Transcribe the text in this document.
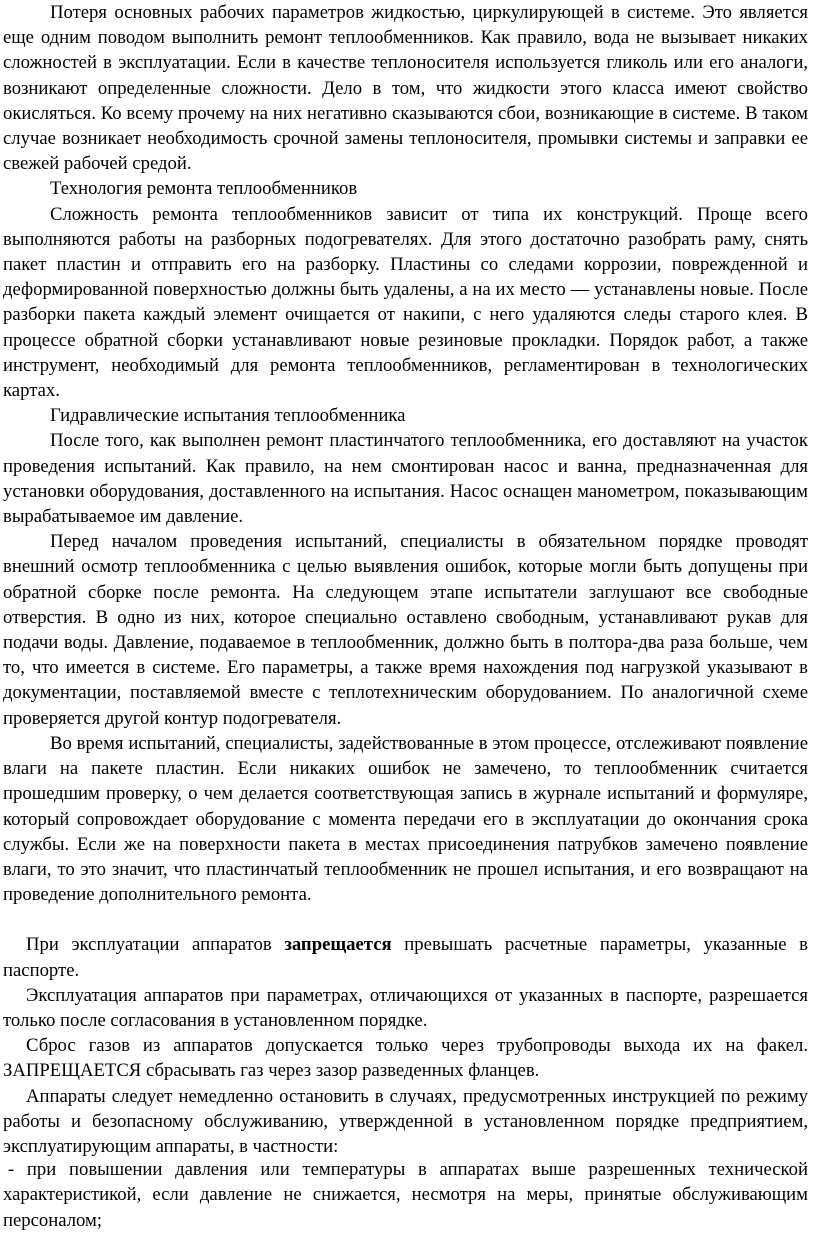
Потеря основных рабочих параметров жидкостью, циркулирующей в системе. Это является еще одним поводом выполнить ремонт теплообменников. Как правило, вода не вызывает никаких сложностей в эксплуатации. Если в качестве теплоносителя используется гликоль или его аналоги, возникают определенные сложности. Дело в том, что жидкости этого класса имеют свойство окисляться. Ко всему прочему на них негативно сказываются сбои, возникающие в системе. В таком случае возникает необходимость срочной замены теплоносителя, промывки системы и заправки ее свежей рабочей средой.

Технология ремонта теплообменников

Сложность ремонта теплообменников зависит от типа их конструкций. Проще всего выполняются работы на разборных подогревателях. Для этого достаточно разобрать раму, снять пакет пластин и отправить его на разборку. Пластины со следами коррозии, поврежденной и деформированной поверхностью должны быть удалены, а на их место — устанавлены новые. После разборки пакета каждый элемент очищается от накипи, с него удаляются следы старого клея. В процессе обратной сборки устанавливают новые резиновые прокладки. Порядок работ, а также инструмент, необходимый для ремонта теплообменников, регламентирован в технологических картах.

Гидравлические испытания теплообменника

После того, как выполнен ремонт пластинчатого теплообменника, его доставляют на участок проведения испытаний. Как правило, на нем смонтирован насос и ванна, предназначенная для установки оборудования, доставленного на испытания. Насос оснащен манометром, показывающим вырабатываемое им давление.

Перед началом проведения испытаний, специалисты в обязательном порядке проводят внешний осмотр теплообменника с целью выявления ошибок, которые могли быть допущены при обратной сборке после ремонта. На следующем этапе испытатели заглушают все свободные отверстия. В одно из них, которое специально оставлено свободным, устанавливают рукав для подачи воды. Давление, подаваемое в теплообменник, должно быть в полтора-два раза больше, чем то, что имеется в системе. Его параметры, а также время нахождения под нагрузкой указывают в документации, поставляемой вместе с теплотехническим оборудованием. По аналогичной схеме проверяется другой контур подогревателя.

Во время испытаний, специалисты, задействованные в этом процессе, отслеживают появление влаги на пакете пластин. Если никаких ошибок не замечено, то теплообменник считается прошедшим проверку, о чем делается соответствующая запись в журнале испытаний и формуляре, который сопровождает оборудование с момента передачи его в эксплуатации до окончания срока службы. Если же на поверхности пакета в местах присоединения патрубков замечено появление влаги, то это значит, что пластинчатый теплообменник не прошел испытания, и его возвращают на проведение дополнительного ремонта.

При эксплуатации аппаратов запрещается превышать расчетные параметры, указанные в паспорте.

Эксплуатация аппаратов при параметрах, отличающихся от указанных в паспорте, разрешается только после согласования в установленном порядке.

Сброс газов из аппаратов допускается только через трубопроводы выхода их на факел. ЗАПРЕЩАЕТСЯ сбрасывать газ через зазор разведенных фланцев.

Аппараты следует немедленно остановить в случаях, предусмотренных инструкцией по режиму работы и безопасному обслуживанию, утвержденной в установленном порядке предприятием, эксплуатирующим аппараты, в частности:

- при повышении давления или температуры в аппаратах выше разрешенных технической характеристикой, если давление не снижается, несмотря на меры, принятые обслуживающим персоналом;
